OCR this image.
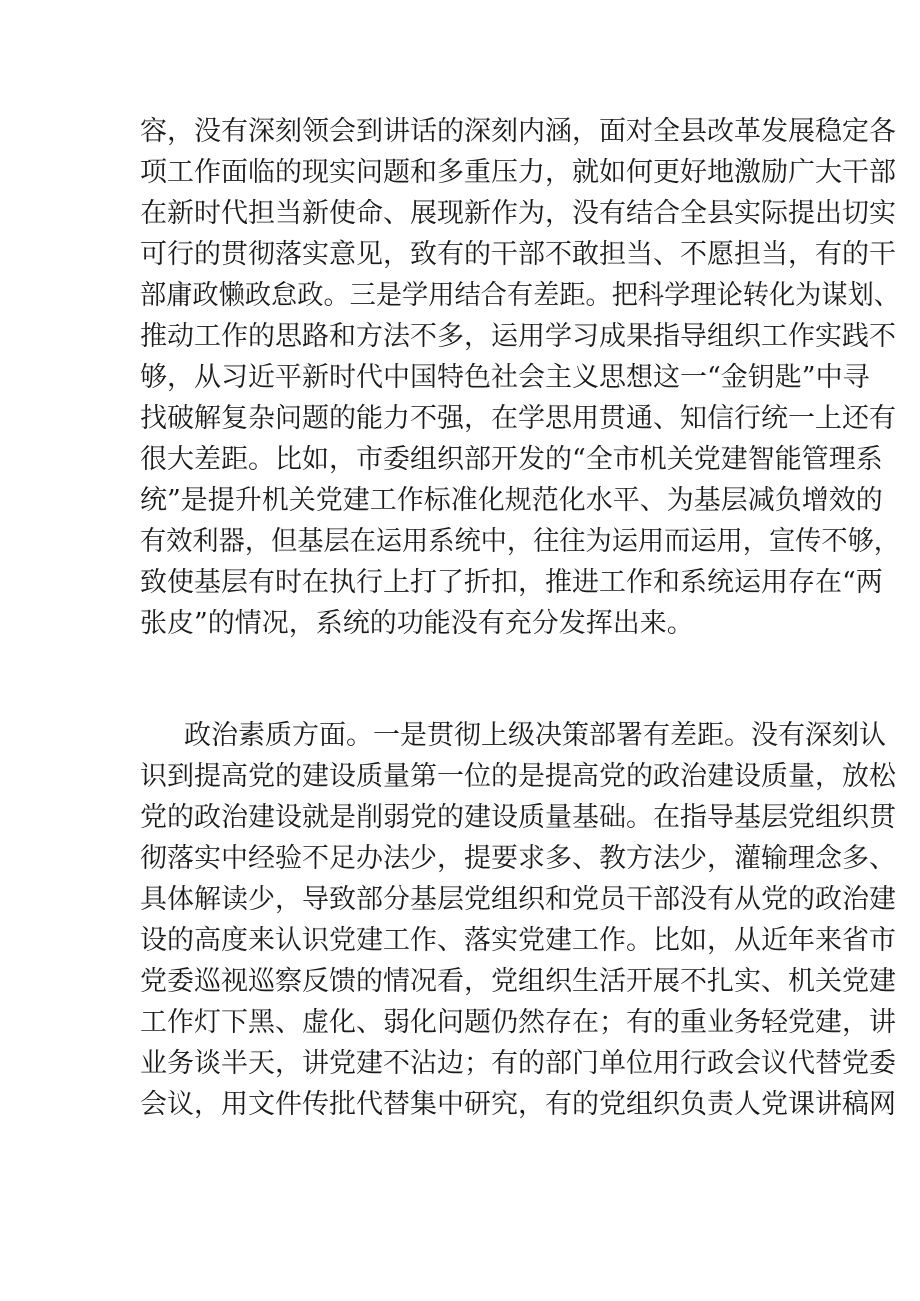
容，没有深刻领会到讲话的深刻内涵，面对全县改革发展稳定各
项工作面临的现实问题和多重压力，就如何更好地激励广大干部
在新时代担当新使命、展现新作为，没有结合全县实际提出切实
可行的贯彻落实意见，致有的干部不敢担当、不愿担当，有的干
部庸政懒政怠政。三是学用结合有差距。把科学理论转化为谋划、
推动工作的思路和方法不多，运用学习成果指导组织工作实践不
够，从习近平新时代中国特色社会主义思想这一“金钥匙”中寻
找破解复杂问题的能力不强，在学思用贯通、知信行统一上还有
很大差距。比如，市委组织部开发的“全市机关党建智能管理系
统”是提升机关党建工作标准化规范化水平、为基层减负增效的
有效利器，但基层在运用系统中，往往为运用而运用，宣传不够，
致使基层有时在执行上打了折扣，推进工作和系统运用存在“两
张皮”的情况，系统的功能没有充分发挥出来。
政治素质方面。一是贯彻上级决策部署有差距。没有深刻认
识到提高党的建设质量第一位的是提高党的政治建设质量，放松
党的政治建设就是削弱党的建设质量基础。在指导基层党组织贯
彻落实中经验不足办法少，提要求多、教方法少，灌输理念多、
具体解读少，导致部分基层党组织和党员干部没有从党的政治建
设的高度来认识党建工作、落实党建工作。比如，从近年来省市
党委巡视巡察反馈的情况看，党组织生活开展不扎实、机关党建
工作灯下黑、虚化、弱化问题仍然存在；有的重业务轻党建，讲
业务谈半天，讲党建不沾边；有的部门单位用行政会议代替党委
会议，用文件传批代替集中研究，有的党组织负责人党课讲稿网
